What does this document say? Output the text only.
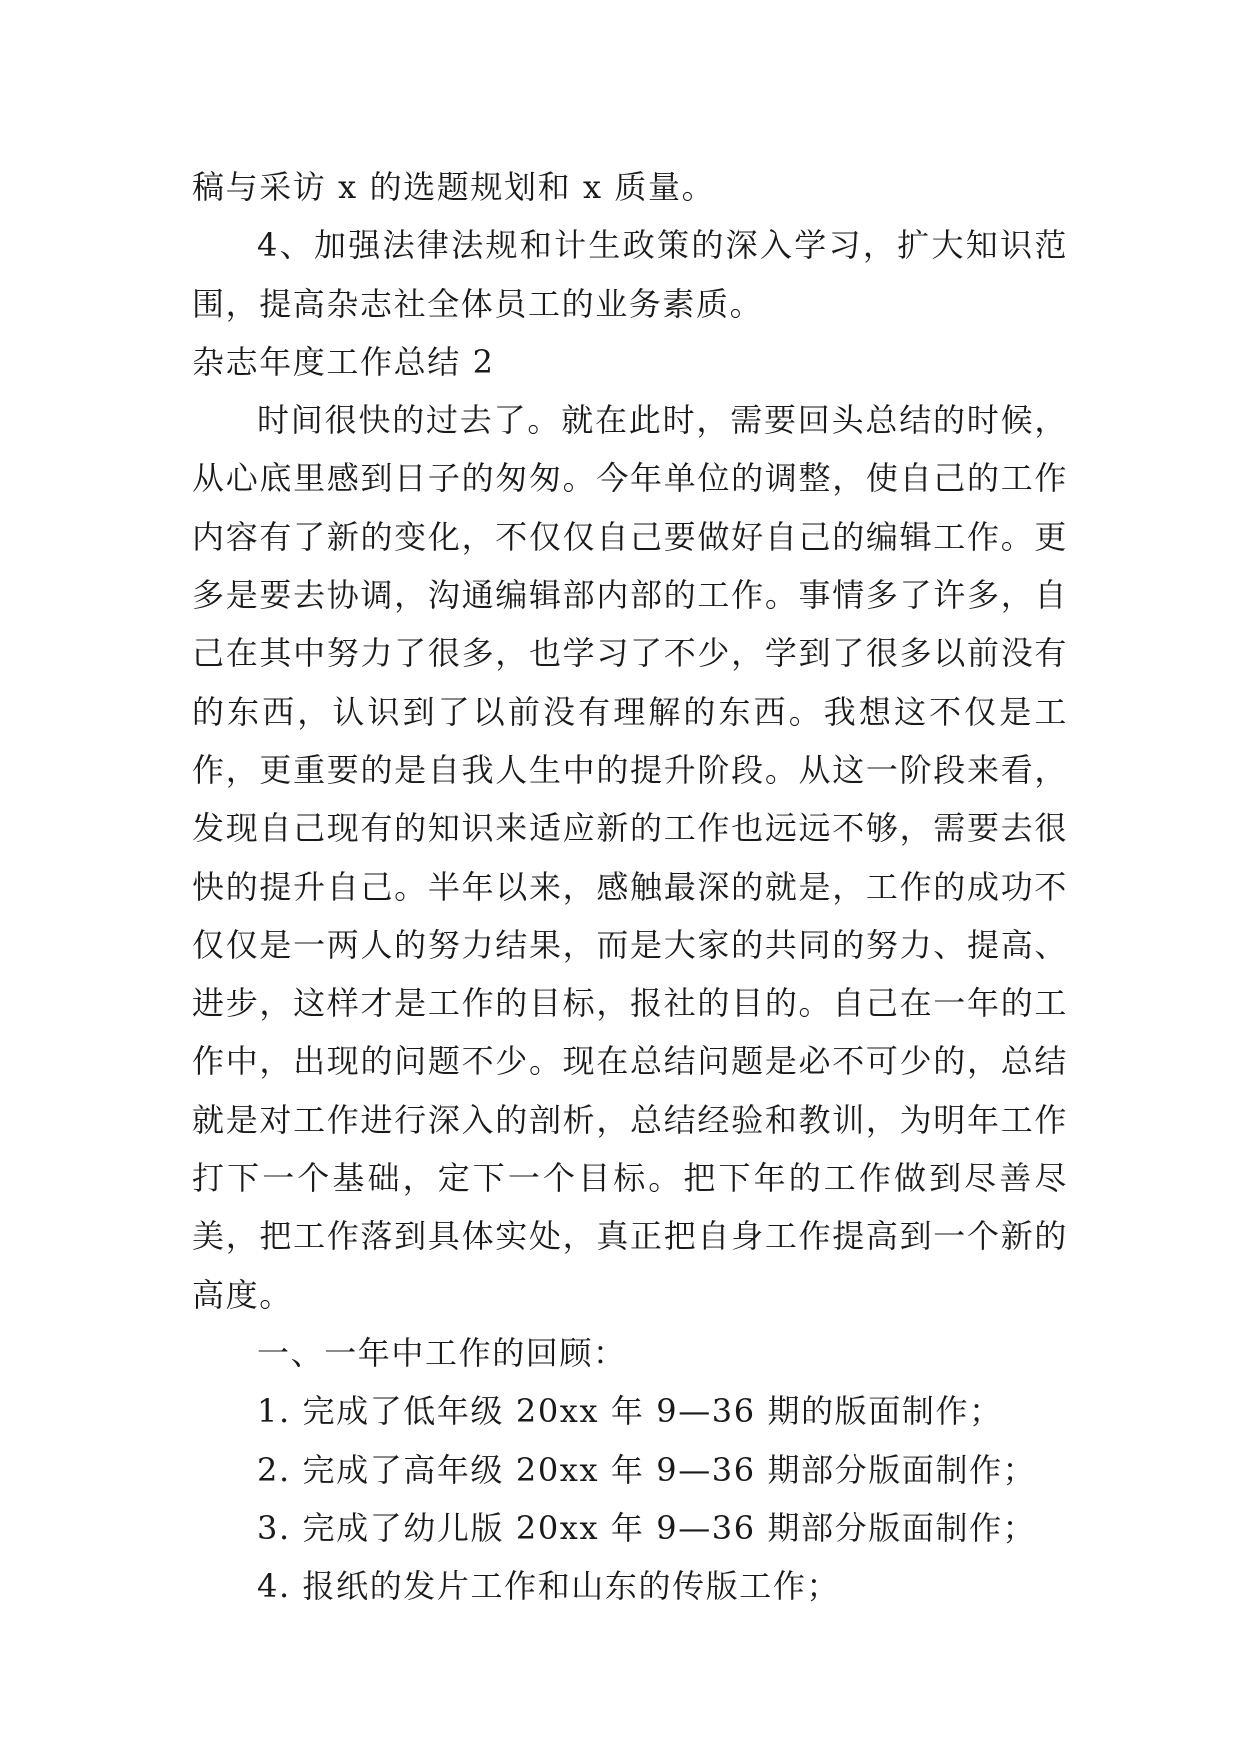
稿与采访 x 的选题规划和 x 质量。

4、加强法律法规和计生政策的深入学习，扩大知识范围，提高杂志社全体员工的业务素质。

杂志年度工作总结 2

时间很快的过去了。就在此时，需要回头总结的时候，从心底里感到日子的匆匆。今年单位的调整，使自己的工作内容有了新的变化，不仅仅自己要做好自己的编辑工作。更多是要去协调，沟通编辑部内部的工作。事情多了许多，自己在其中努力了很多，也学习了不少，学到了很多以前没有的东西，认识到了以前没有理解的东西。我想这不仅是工作，更重要的是自我人生中的提升阶段。从这一阶段来看，发现自己现有的知识来适应新的工作也远远不够，需要去很快的提升自己。半年以来，感触最深的就是，工作的成功不仅仅是一两人的努力结果，而是大家的共同的努力、提高、进步，这样才是工作的目标，报社的目的。自己在一年的工作中，出现的问题不少。现在总结问题是必不可少的，总结就是对工作进行深入的剖析，总结经验和教训，为明年工作打下一个基础，定下一个目标。把下年的工作做到尽善尽美，把工作落到具体实处，真正把自身工作提高到一个新的高度。

一、一年中工作的回顾：

1. 完成了低年级 20xx 年 9—36 期的版面制作；

2. 完成了高年级 20xx 年 9—36 期部分版面制作；

3. 完成了幼儿版 20xx 年 9—36 期部分版面制作；

4. 报纸的发片工作和山东的传版工作；
